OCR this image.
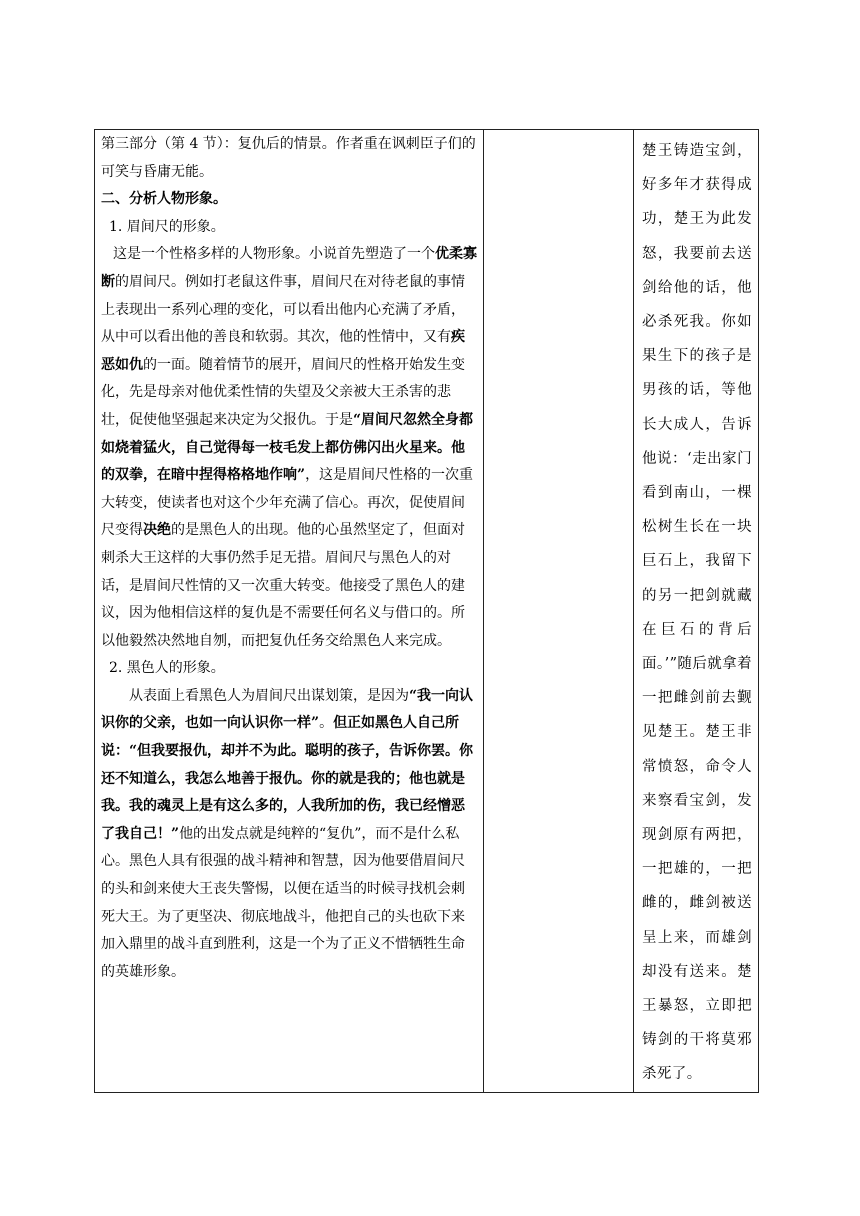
第三部分（第 4 节）：复仇后的情景。作者重在讽刺臣子们的可笑与昏庸无能。

二、分析人物形象。

1. 眉间尺的形象。

这是一个性格多样的人物形象。小说首先塑造了一个优柔寡断的眉间尺。例如打老鼠这件事，眉间尺在对待老鼠的事情上表现出一系列心理的变化，可以看出他内心充满了矛盾，从中可以看出他的善良和软弱。其次，他的性情中，又有疾恶如仇的一面。随着情节的展开，眉间尺的性格开始发生变化，先是母亲对他优柔性情的失望及父亲被大王杀害的悲壮，促使他坚强起来决定为父报仇。于是“眉间尺忽然全身都如烧着猛火，自己觉得每一枝毛发上都仿佛闪出火星来。他的双拳，在暗中捏得格格地作响”，这是眉间尺性格的一次重大转变，使读者也对这个少年充满了信心。再次，促使眉间尺变得决绝的是黑色人的出现。他的心虽然坚定了，但面对刺杀大王这样的大事仍然手足无措。眉间尺与黑色人的对话，是眉间尺性情的又一次重大转变。他接受了黑色人的建议，因为他相信这样的复仇是不需要任何名义与借口的。所以他毅然决然地自刎，而把复仇任务交给黑色人来完成。

2. 黑色人的形象。

从表面上看黑色人为眉间尺出谋划策，是因为“我一向认识你的父亲，也如一向认识你一样”。但正如黑色人自己所说：“但我要报仇，却并不为此。聪明的孩子，告诉你罢。你还不知道么，我怎么地善于报仇。你的就是我的；他也就是我。我的魂灵上是有这么多的，人我所加的伤，我已经憎恶了我自己！”他的出发点就是纯粹的“复仇”，而不是什么私心。黑色人具有很强的战斗精神和智慧，因为他要借眉间尺的头和剑来使大王丧失警惕，以便在适当的时候寻找机会刺死大王。为了更坚决、彻底地战斗，他把自己的头也砍下来加入鼎里的战斗直到胜利，这是一个为了正义不惜牺牲生命的英雄形象。

楚王铸造宝剑，好多年才获得成功，楚王为此发怒，我要前去送剑给他的话，他必杀死我。你如果生下的孩子是男孩的话，等他长大成人，告诉他说：‘走出家门看到南山，一棵松树生长在一块巨石上，我留下的另一把剑就藏在巨石的背后面。’”随后就拿着一把雌剑前去觐见楚王。楚王非常愤怒，命令人来察看宝剑，发现剑原有两把，一把雄的，一把雌的，雌剑被送呈上来，而雄剑却没有送来。楚王暴怒，立即把铸剑的干将莫邪杀死了。
